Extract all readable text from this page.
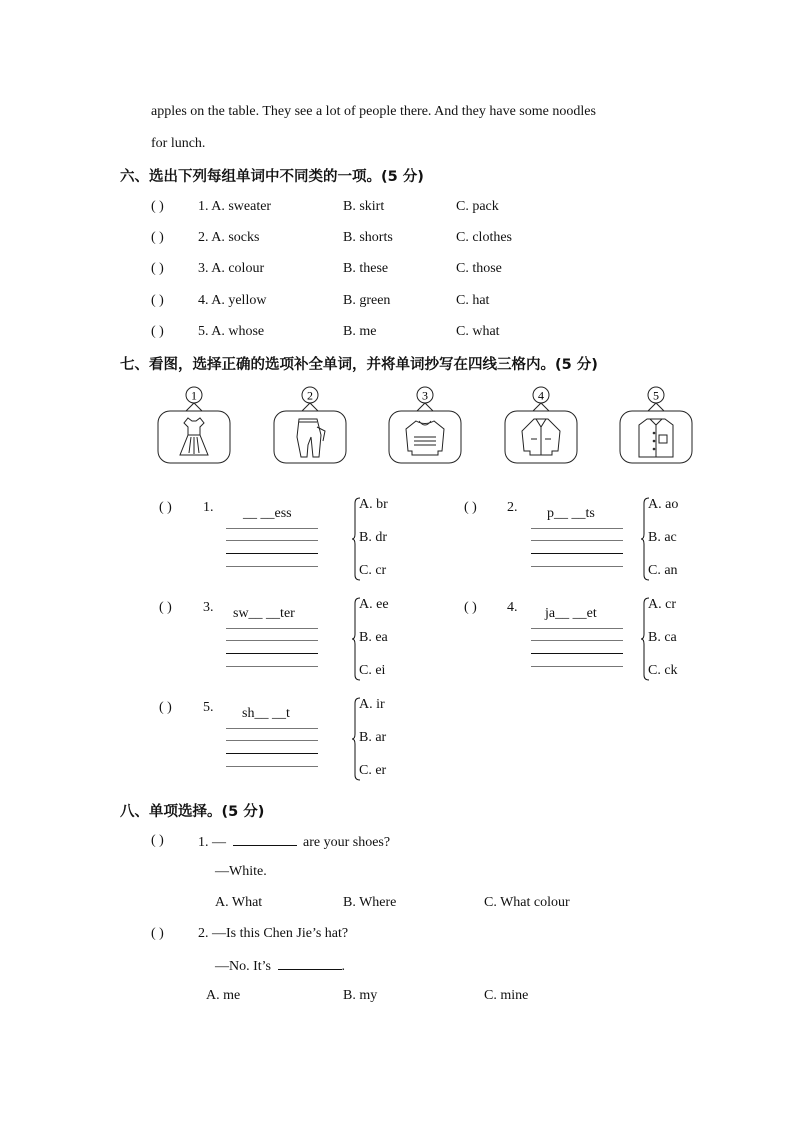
apples on the table. They see a lot of people there. And they have some noodles
for lunch.
六、选出下列每组单词中不同类的一项。(5 分)
( ) 1. A. sweater	B. skirt	C. pack
( ) 2. A. socks	B. shorts	C. clothes
( ) 3. A. colour	B. these	C. those
( ) 4. A. yellow	B. green	C. hat
( ) 5. A. whose	B. me	C. what
七、看图，选择正确的选项补全单词，并将单词抄写在四线三格内。(5 分)
1	2	3	4	5
( ) 1. __ __ess
A. br
B. dr
C. cr
( ) 2. p__ __ts
A. ao
B. ac
C. an
( ) 3. sw__ __ter
A. ee
B. ea
C. ei
( ) 4. ja__ __et
A. cr
B. ca
C. ck
( ) 5. sh__ __t
A. ir
B. ar
C. er
八、单项选择。(5 分)
( ) 1. —	are your shoes?
—White.
A. What	B. Where	C. What colour
( ) 2. —Is this Chen Jie’s hat?
—No. It’s	.
A. me	B. my	C. mine
